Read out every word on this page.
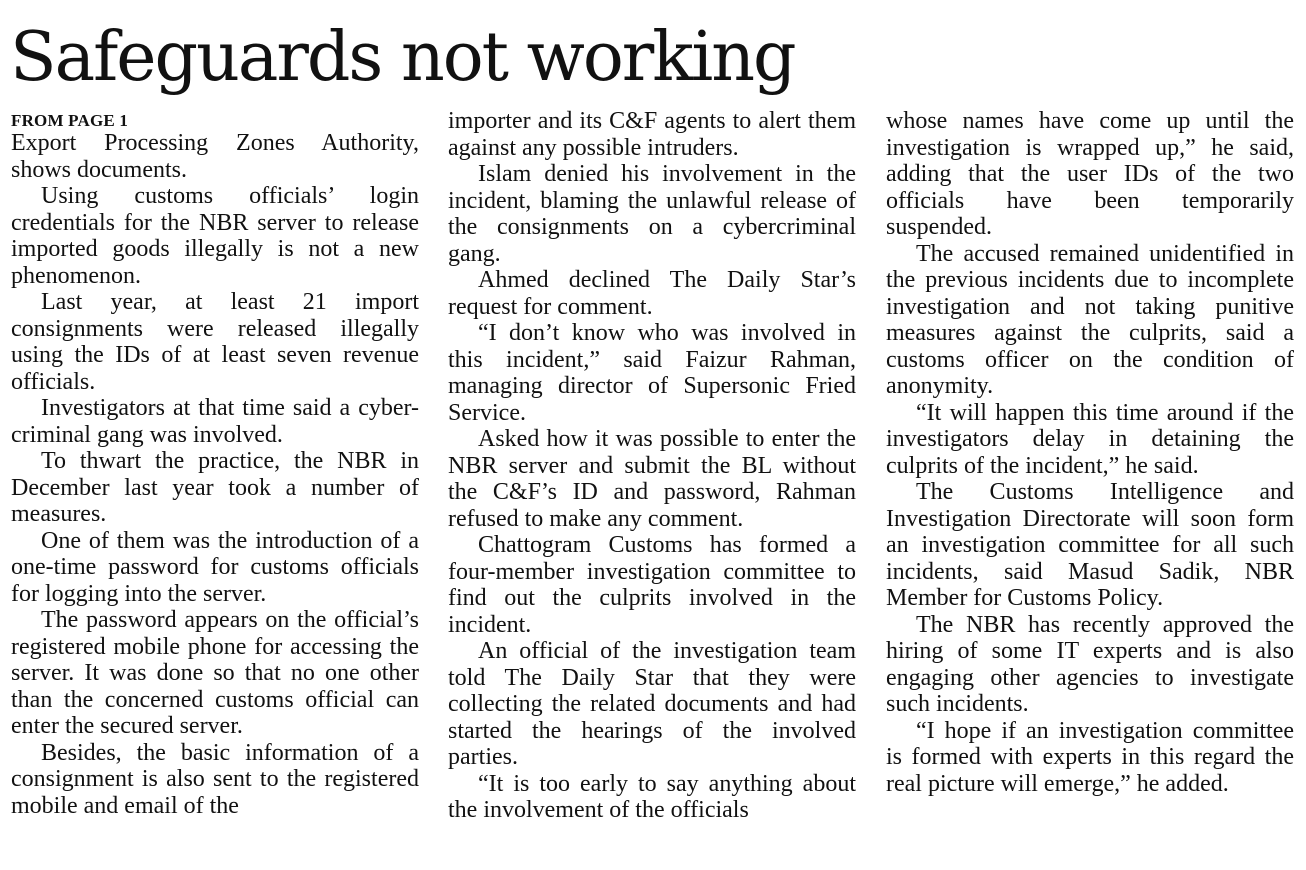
Safeguards not working
FROM PAGE 1

Export Processing Zones Authority, shows documents.

Using customs officials’ login credentials for the NBR server to release imported goods illegally is not a new phenomenon.

Last year, at least 21 import consignments were released illegally using the IDs of at least seven revenue officials.

Investigators at that time said a cyber-criminal gang was involved.

To thwart the practice, the NBR in December last year took a number of measures.

One of them was the introduction of a one-time password for customs officials for logging into the server.

The password appears on the official’s registered mobile phone for accessing the server. It was done so that no one other than the concerned customs official can enter the secured server.

Besides, the basic information of a consignment is also sent to the registered mobile and email of the

importer and its C&F agents to alert them against any possible intruders.

Islam denied his involvement in the incident, blaming the unlawful release of the consignments on a cybercriminal gang.

Ahmed declined The Daily Star’s request for comment.

“I don’t know who was involved in this incident,” said Faizur Rahman, managing director of Supersonic Fried Service.

Asked how it was possible to enter the NBR server and submit the BL without the C&F’s ID and password, Rahman refused to make any comment.

Chattogram Customs has formed a four-member investigation committee to find out the culprits involved in the incident.

An official of the investigation team told The Daily Star that they were collecting the related documents and had started the hearings of the involved parties.

“It is too early to say anything about the involvement of the officials

whose names have come up until the investigation is wrapped up,” he said, adding that the user IDs of the two officials have been temporarily suspended.

The accused remained unidentified in the previous incidents due to incomplete investigation and not taking punitive measures against the culprits, said a customs officer on the condition of anonymity.

“It will happen this time around if the investigators delay in detaining the culprits of the incident,” he said.

The Customs Intelligence and Investigation Directorate will soon form an investigation committee for all such incidents, said Masud Sadik, NBR Member for Customs Policy.

The NBR has recently approved the hiring of some IT experts and is also engaging other agencies to investigate such incidents.

“I hope if an investigation committee is formed with experts in this regard the real picture will emerge,” he added.
